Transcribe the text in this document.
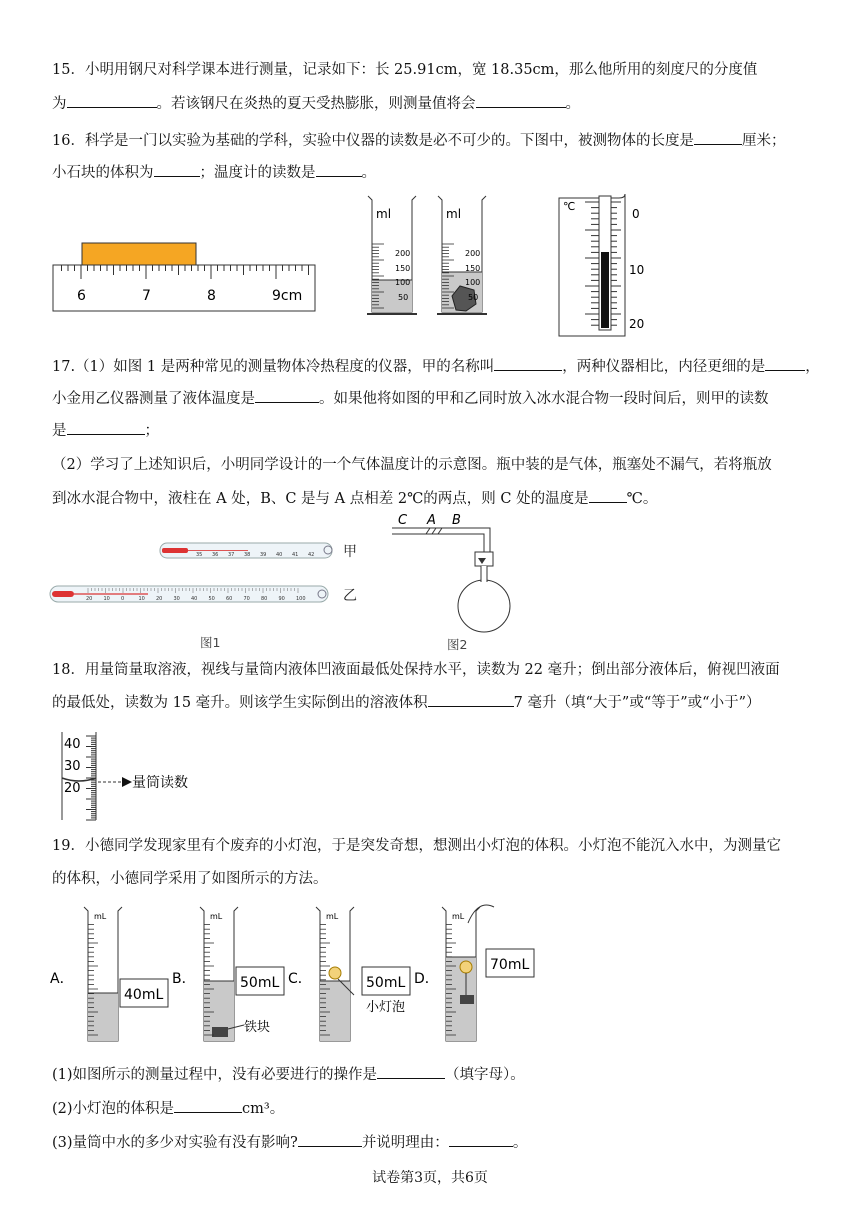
15．小明用钢尺对科学课本进行测量，记录如下：长 25.91cm，宽 18.35cm，那么他所用的刻度尺的分度值
为	。若该钢尺在炎热的夏天受热膨胀，则测量值将会	。
16．科学是一门以实验为基础的学科，实验中仪器的读数是必不可少的。下图中，被测物体的长度是	厘米；
小石块的体积为	；温度计的读数是	。
6	7	8	9cm
ml
200
150
100
50
ml
200
150
100
50
℃
0
10
20
17.（1）如图 1 是两种常见的测量物体冷热程度的仪器，甲的名称叫	，两种仪器相比，内径更细的是	，
小金用乙仪器测量了液体温度是	。如果他将如图的甲和乙同时放入冰水混合物一段时间后，则甲的读数
是	；
（2）学习了上述知识后，小明同学设计的一个气体温度计的示意图。瓶中装的是气体，瓶塞处不漏气，若将瓶放
到冰水混合物中，液柱在 A 处，B、C 是与 A 点相差 2℃的两点，则 C 处的温度是	℃。
35 36 37 38 39 40 41 42 甲
20 10 0	10 20 30 40 50 60 70 80 90 100	乙
图1
C A B
图2
18．用量筒量取溶液，视线与量筒内液体凹液面最低处保持水平，读数为 22 毫升；倒出部分液体后，俯视凹液面
的最低处，读数为 15 毫升。则该学生实际倒出的溶液体积	7 毫升（填“大于”或“等于”或“小于”）
40
30
20	量筒读数
19．小德同学发现家里有个废弃的小灯泡，于是突发奇想，想测出小灯泡的体积。小灯泡不能沉入水中，为测量它
的体积，小德同学采用了如图所示的方法。
A．
mL
40mL
B．
mL
50mL
铁块
C．
mL
50mL
小灯泡
D．
mL
70mL
(1)如图所示的测量过程中，没有必要进行的操作是	（填字母）。
(2)小灯泡的体积是	cm³。
(3)量筒中水的多少对实验有没有影响?	并说明理由：	。
试卷第3页，共6页
